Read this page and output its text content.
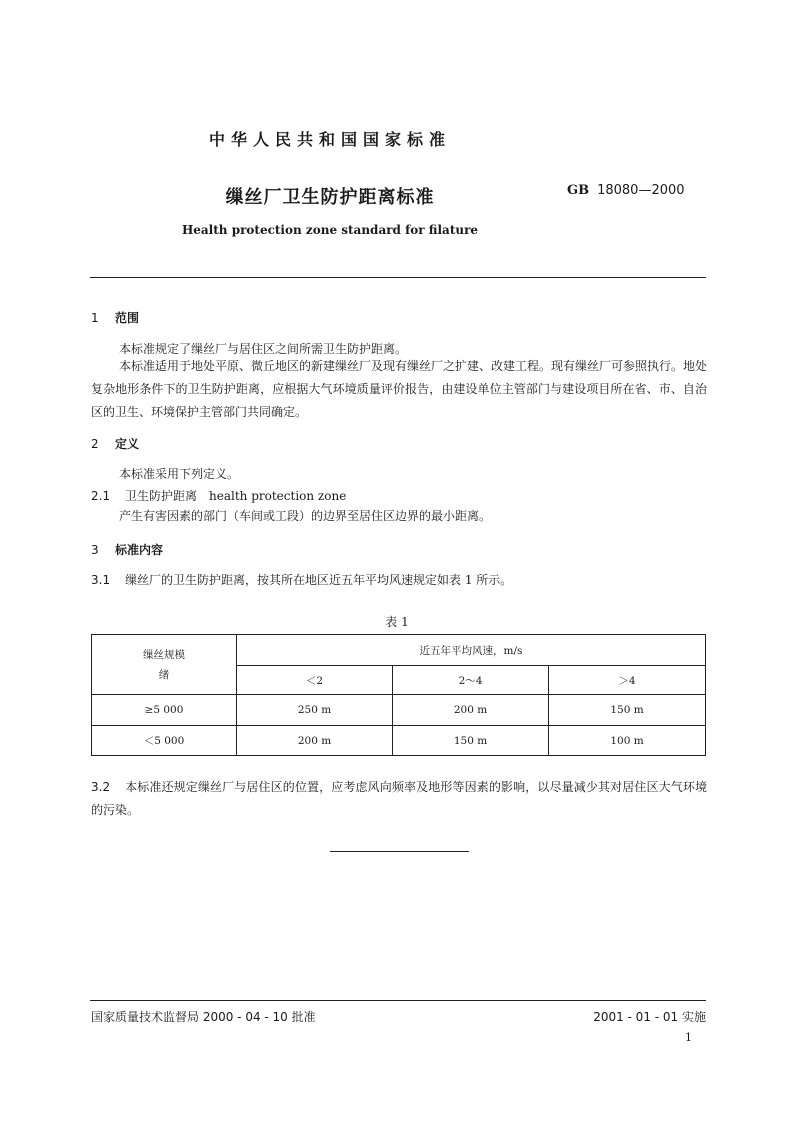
中华人民共和国国家标准
缫丝厂卫生防护距离标准	GB 18080—2000
Health protection zone standard for filature
1 范围
本标准规定了缫丝厂与居住区之间所需卫生防护距离。
本标准适用于地处平原、微丘地区的新建缫丝厂及现有缫丝厂之扩建、改建工程。现有缫丝厂可参照执行。地处复杂地形条件下的卫生防护距离，应根据大气环境质量评价报告，由建设单位主管部门与建设项目所在省、市、自治区的卫生、环境保护主管部门共同确定。
2 定义
本标准采用下列定义。
2.1 卫生防护距离 health protection zone
产生有害因素的部门（车间或工段）的边界至居住区边界的最小距离。
3 标准内容
3.1 缫丝厂的卫生防护距离，按其所在地区近五年平均风速规定如表 1 所示。
表 1
缫丝规模
绪	近五年平均风速，m/s		
	＜2	2～4	＞4
≥5 000	250 m	200 m	150 m
＜5 000	200 m	150 m	100 m
3.2 本标准还规定缫丝厂与居住区的位置，应考虑风向频率及地形等因素的影响，以尽量减少其对居住区大气环境的污染。
国家质量技术监督局 2000 - 04 - 10 批准	2001 - 01 - 01 实施
1
